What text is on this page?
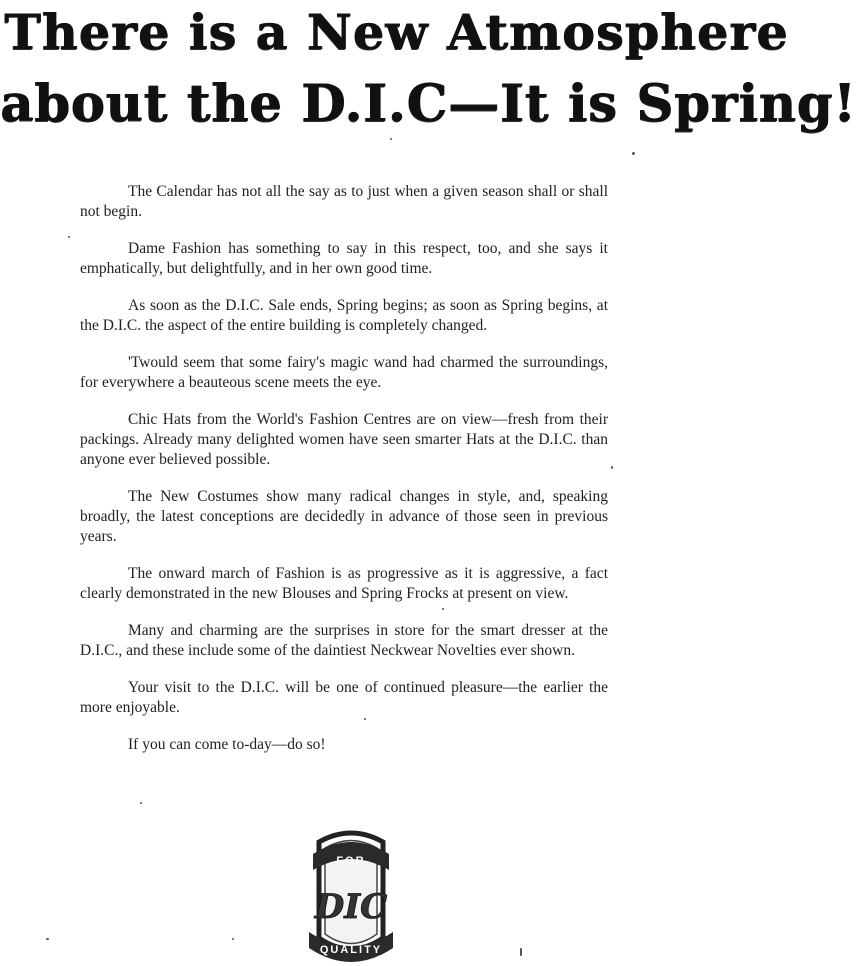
There is a New Atmosphere
about the D.I.C—It is Spring!

The Calendar has not all the say as to just when a given season shall or shall not begin.

Dame Fashion has something to say in this respect, too, and she says it emphatically, but delightfully, and in her own good time.

As soon as the D.I.C. Sale ends, Spring begins; as soon as Spring begins, at the D.I.C. the aspect of the entire building is completely changed.

'Twould seem that some fairy's magic wand had charmed the surroundings, for everywhere a beauteous scene meets the eye.

Chic Hats from the World's Fashion Centres are on view—fresh from their packings. Already many delighted women have seen smarter Hats at the D.I.C. than anyone ever believed possible.

The New Costumes show many radical changes in style, and, speaking broadly, the latest conceptions are decidedly in advance of those seen in previous years.

The onward march of Fashion is as progressive as it is aggressive, a fact clearly demonstrated in the new Blouses and Spring Frocks at present on view.

Many and charming are the surprises in store for the smart dresser at the D.I.C., and these include some of the daintiest Neckwear Novelties ever shown.

Your visit to the D.I.C. will be one of continued pleasure—the earlier the more enjoyable.

If you can come to-day—do so!

FOR
DIC
QUALITY
